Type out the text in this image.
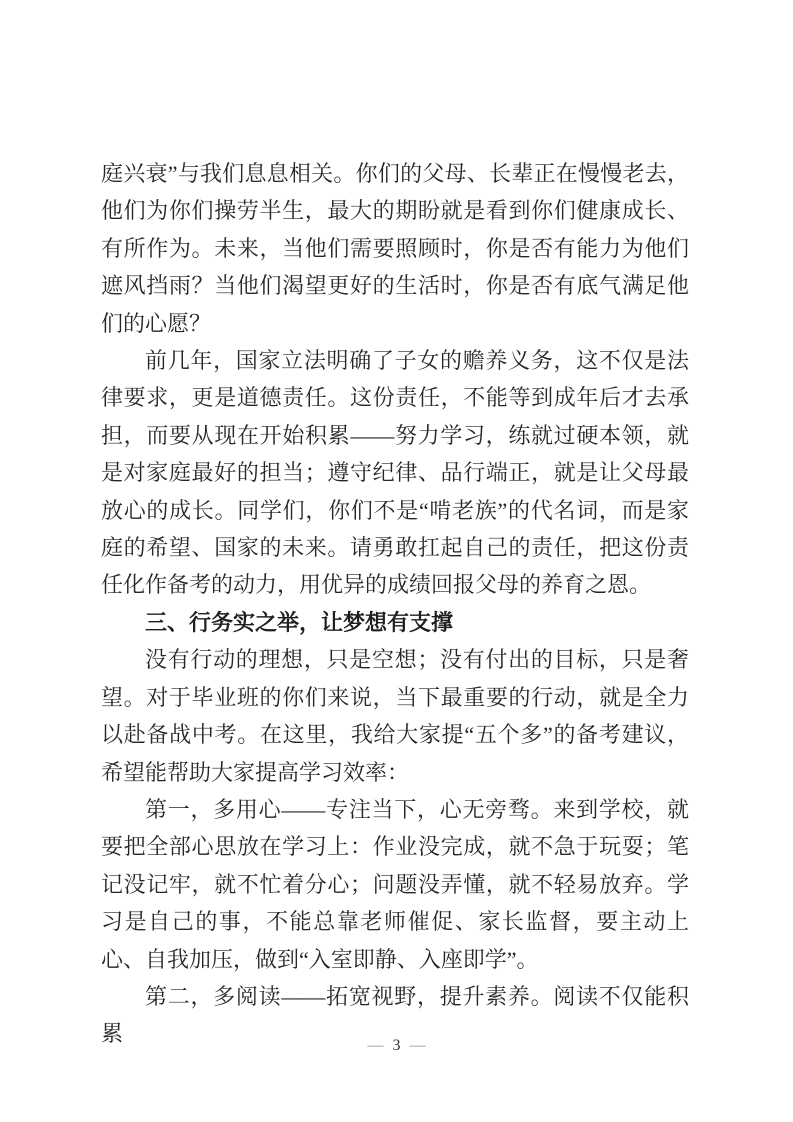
庭兴衰”与我们息息相关。你们的父母、长辈正在慢慢老去，他们为你们操劳半生，最大的期盼就是看到你们健康成长、有所作为。未来，当他们需要照顾时，你是否有能力为他们遮风挡雨？当他们渴望更好的生活时，你是否有底气满足他们的心愿？

前几年，国家立法明确了子女的赡养义务，这不仅是法律要求，更是道德责任。这份责任，不能等到成年后才去承担，而要从现在开始积累——努力学习，练就过硬本领，就是对家庭最好的担当；遵守纪律、品行端正，就是让父母最放心的成长。同学们，你们不是“啃老族”的代名词，而是家庭的希望、国家的未来。请勇敢扛起自己的责任，把这份责任化作备考的动力，用优异的成绩回报父母的养育之恩。

三、行务实之举，让梦想有支撑

没有行动的理想，只是空想；没有付出的目标，只是奢望。对于毕业班的你们来说，当下最重要的行动，就是全力以赴备战中考。在这里，我给大家提“五个多”的备考建议，希望能帮助大家提高学习效率：

第一，多用心——专注当下，心无旁骛。来到学校，就要把全部心思放在学习上：作业没完成，就不急于玩耍；笔记没记牢，就不忙着分心；问题没弄懂，就不轻易放弃。学习是自己的事，不能总靠老师催促、家长监督，要主动上心、自我加压，做到“入室即静、入座即学”。

第二，多阅读——拓宽视野，提升素养。阅读不仅能积累	— 3 —
